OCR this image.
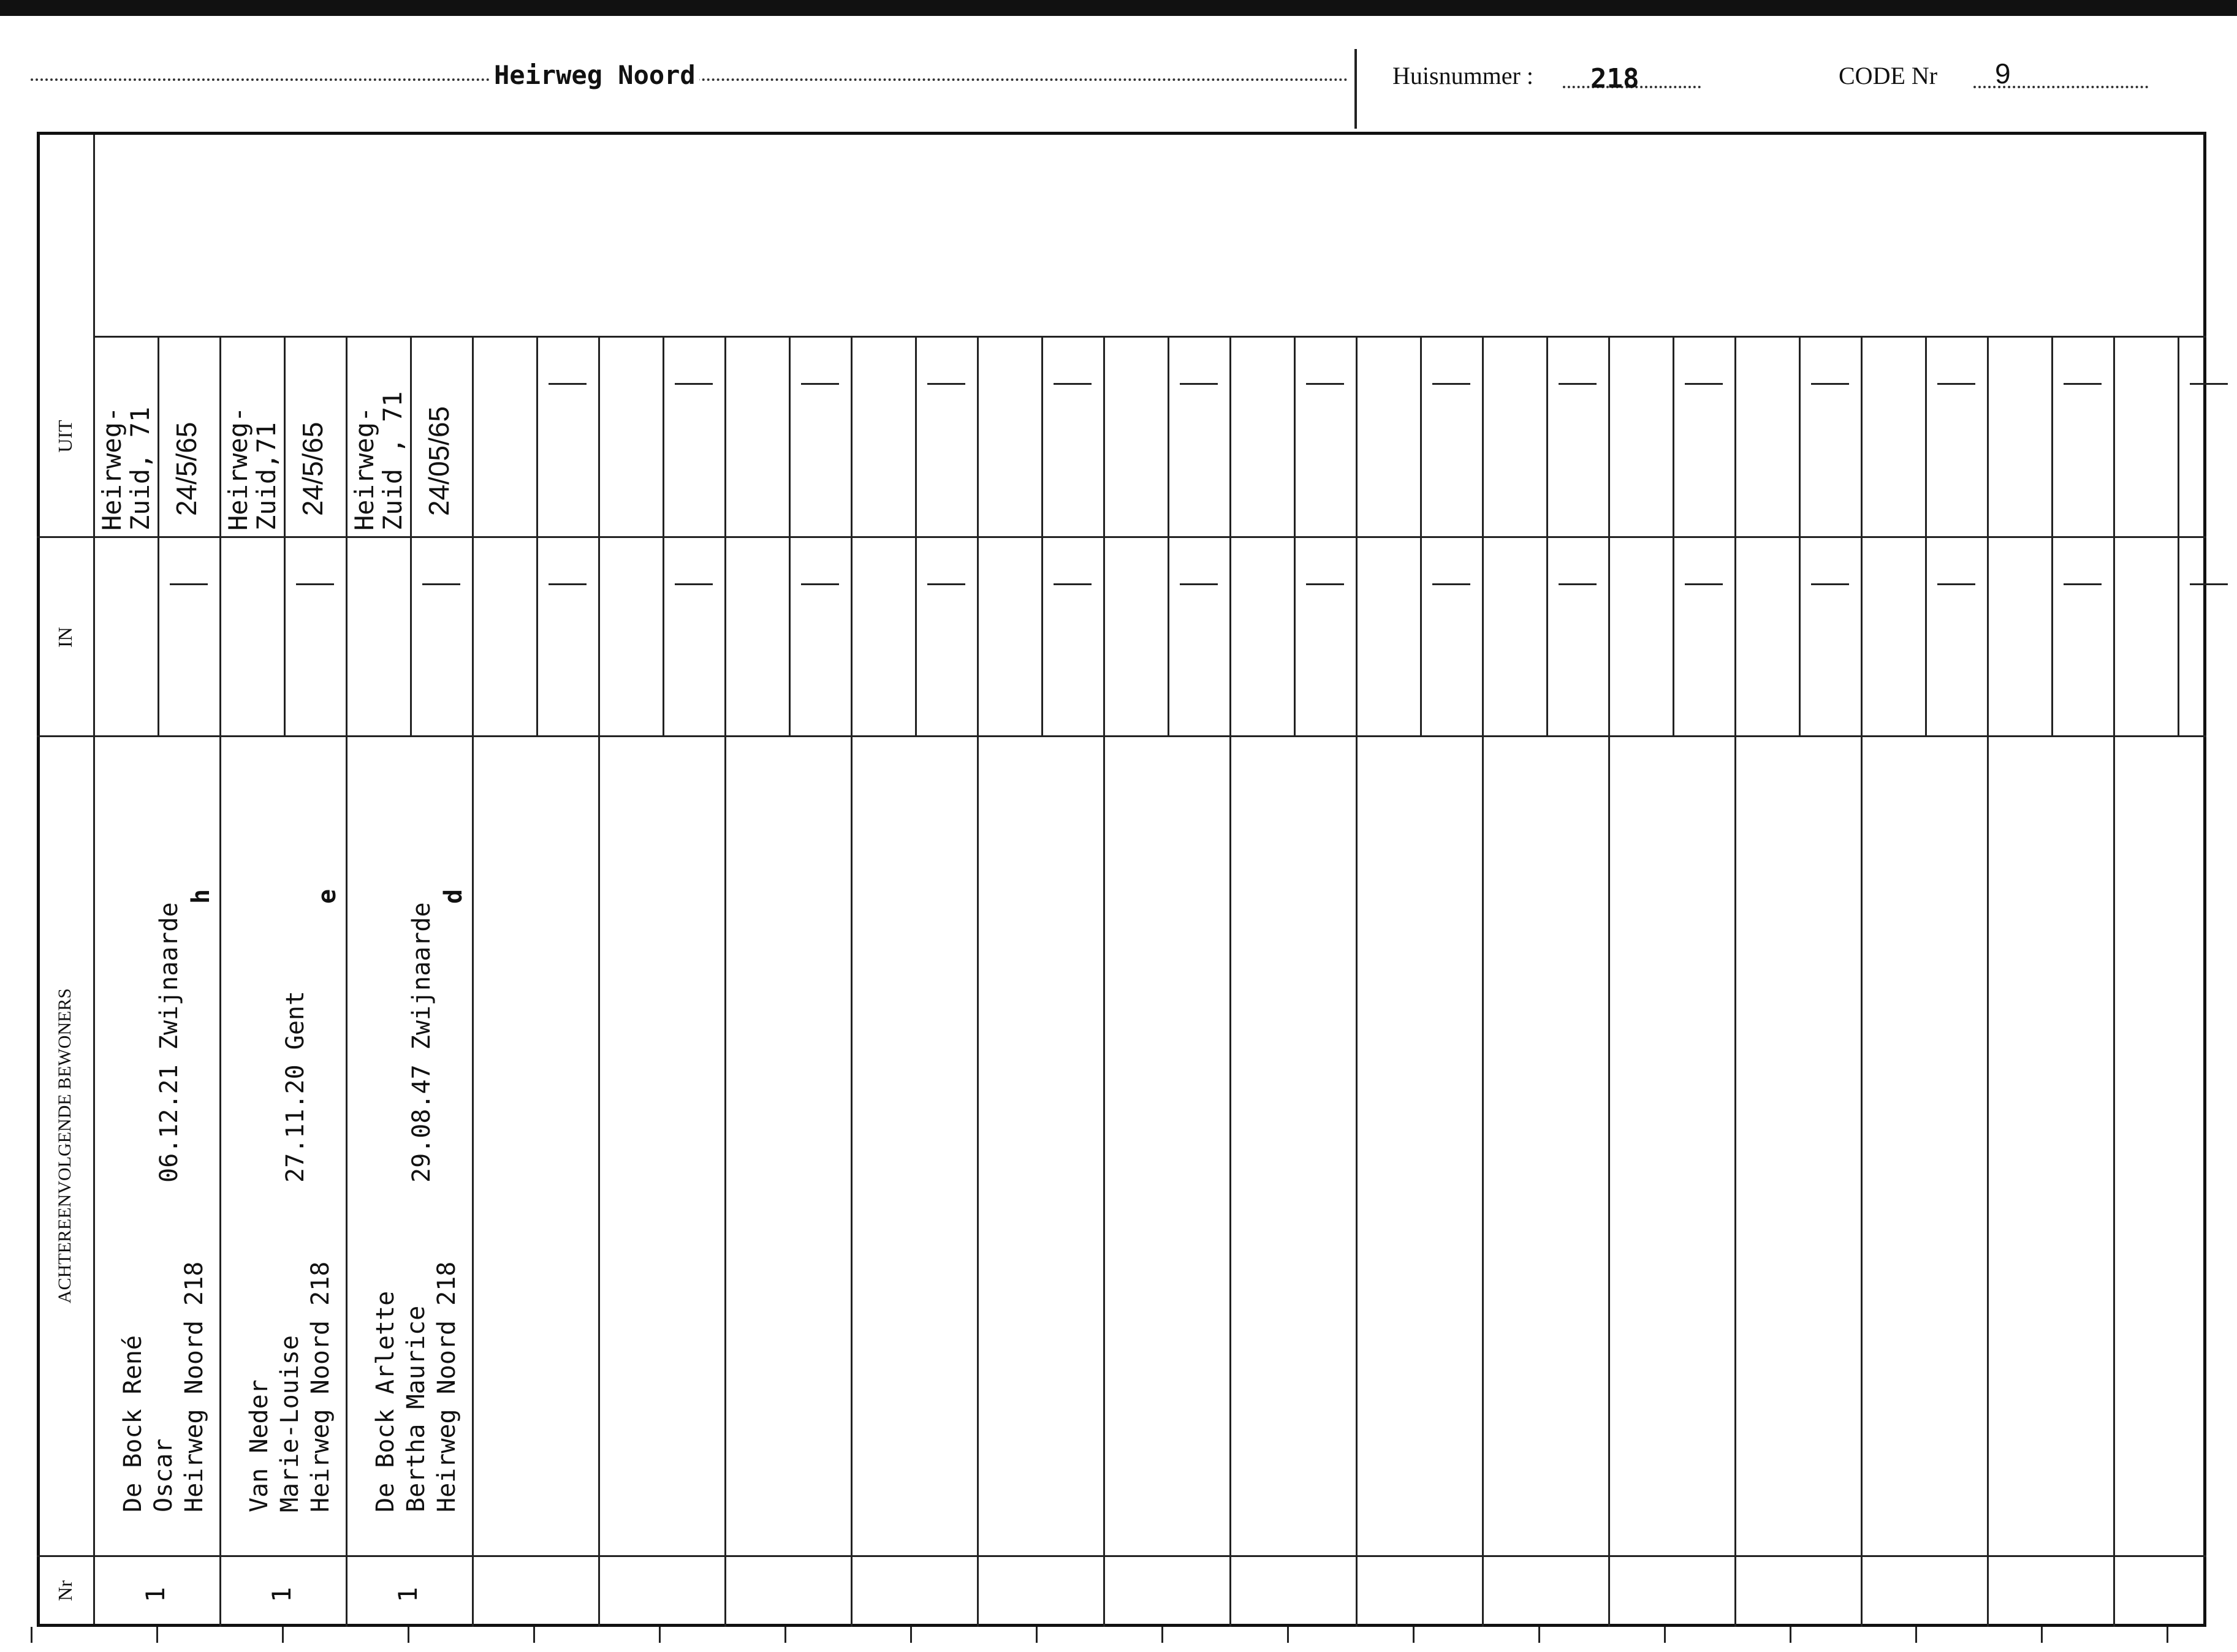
Heirweg Noord	Huisnummer : 218	CODE Nr 9
UIT
IN
ACHTEREENVOLGENDE BEWONERS
Nr
Heirweg-
Zuid, 71 24/5/65
De Bock René
Oscar
Heirweg Noord 218
06.12.21 Zwijnaarde
h
1
Heirweg-
Zuid,71 24/5/65
Van Neder
Marie-Louise
Heirweg Noord 218
27.11.20 Gent
e
1
Heirweg-
Zuid , 71 24/05/65
De Bock Arlette
Bertha Maurice
Heirweg Noord 218
29.08.47 Zwijnaarde
d
1
